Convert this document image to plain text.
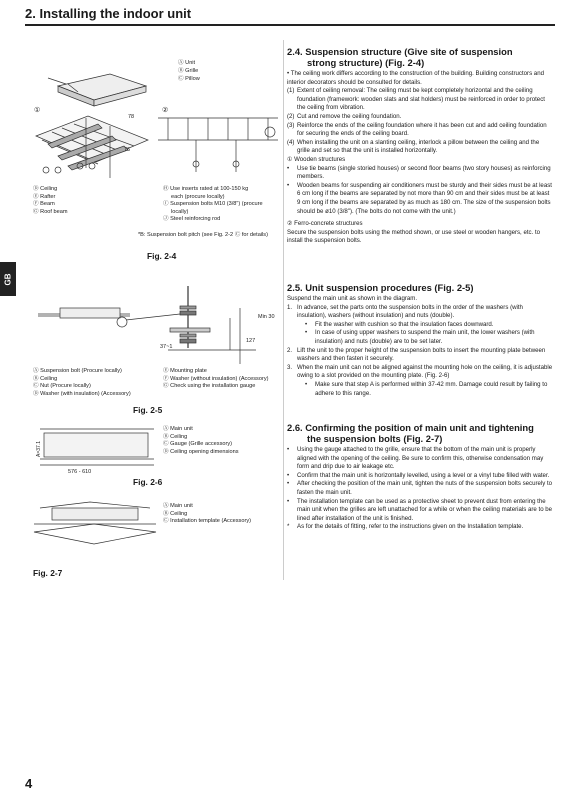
2. Installing the indoor unit
GB
Ⓐ Unit
Ⓑ Grille
Ⓒ Pillow
①	②
78
76
Ⓓ Ceiling
Ⓔ Rafter
Ⓕ Beam
Ⓖ Roof beam
Ⓗ Use inserts rated at 100-150 kg
each (procure locally)
Ⓘ Suspension bolts M10 (3/8") (procure
locally)
Ⓙ Steel reinforcing rod
*B: Suspension bolt pitch (see Fig. 2-2 Ⓒ for details)
Fig. 2-4
Min 30
127
37~1
Ⓐ Suspension bolt (Procure locally)
Ⓑ Ceiling
Ⓒ Nut (Procure locally)
Ⓓ Washer (with insulation) (Accessory)
Ⓔ Mounting plate
Ⓕ Washer (without insulation) (Accessory)
Ⓖ Check using the installation gauge
Fig. 2-5
A=37.1
576 - 610
Ⓐ Main unit
Ⓑ Ceiling
Ⓒ Gauge (Grille accessory)
Ⓓ Ceiling opening dimensions
Fig. 2-6
Ⓐ Main unit
Ⓑ Ceiling
Ⓒ Installation template (Accessory)
Fig. 2-7
2.4. Suspension structure (Give site of suspension
strong structure) (Fig. 2-4)

• The ceiling work differs according to the construction of the building. Building constructors and interior decorators should be consulted for details.

(1) Extent of ceiling removal: The ceiling must be kept completely horizontal and the ceiling foundation (framework: wooden slats and slat holders) must be reinforced in order to protect the ceiling from vibration.
(2) Cut and remove the ceiling foundation.
(3) Reinforce the ends of the ceiling foundation where it has been cut and add ceiling foundation for securing the ends of the ceiling board.
(4) When installing the unit on a slanting ceiling, interlock a pillow between the ceiling and the grille and set so that the unit is installed horizontally.

① Wooden structures

• Use tie beams (single storied houses) or second floor beams (two story houses) as reinforcing members.
• Wooden beams for suspending air conditioners must be sturdy and their sides must be at least 6 cm long if the beams are separated by not more than 90 cm and their sides must be at least 9 cm long if the beams are separated by as much as 180 cm. The size of the suspension bolts should be ø10 (3/8"). (The bolts do not come with the unit.)

② Ferro-concrete structures

Secure the suspension bolts using the method shown, or use steel or wooden hangers, etc. to install the suspension bolts.

2.5. Unit suspension procedures (Fig. 2-5)

Suspend the main unit as shown in the diagram.

1. In advance, set the parts onto the suspension bolts in the order of the washers (with insulation), washers (without insulation) and nuts (double).
• Fit the washer with cushion so that the insulation faces downward.
• In case of using upper washers to suspend the main unit, the lower washers (with insulation) and nuts (double) are to be set later.
2. Lift the unit to the proper height of the suspension bolts to insert the mounting plate between washers and then fasten it securely.
3. When the main unit can not be aligned against the mounting hole on the ceiling, it is adjustable owing to a slot provided on the mounting plate. (Fig. 2-6)
• Make sure that step A is performed within 37-42 mm. Damage could result by failing to adhere to this range.
2.6. Confirming the position of main unit and tightening
the suspension bolts (Fig. 2-7)
• Using the gauge attached to the grille, ensure that the bottom of the main unit is properly aligned with the opening of the ceiling. Be sure to confirm this, otherwise condensation may form and drip due to air leakage etc.
• Confirm that the main unit is horizontally levelled, using a level or a vinyl tube filled with water.
• After checking the position of the main unit, tighten the nuts of the suspension bolts securely to fasten the main unit.
• The installation template can be used as a protective sheet to prevent dust from entering the main unit when the grilles are left unattached for a while or when the ceiling materials are to be lined after installation of the unit is finished.
* As for the details of fitting, refer to the instructions given on the Installation template.
4
